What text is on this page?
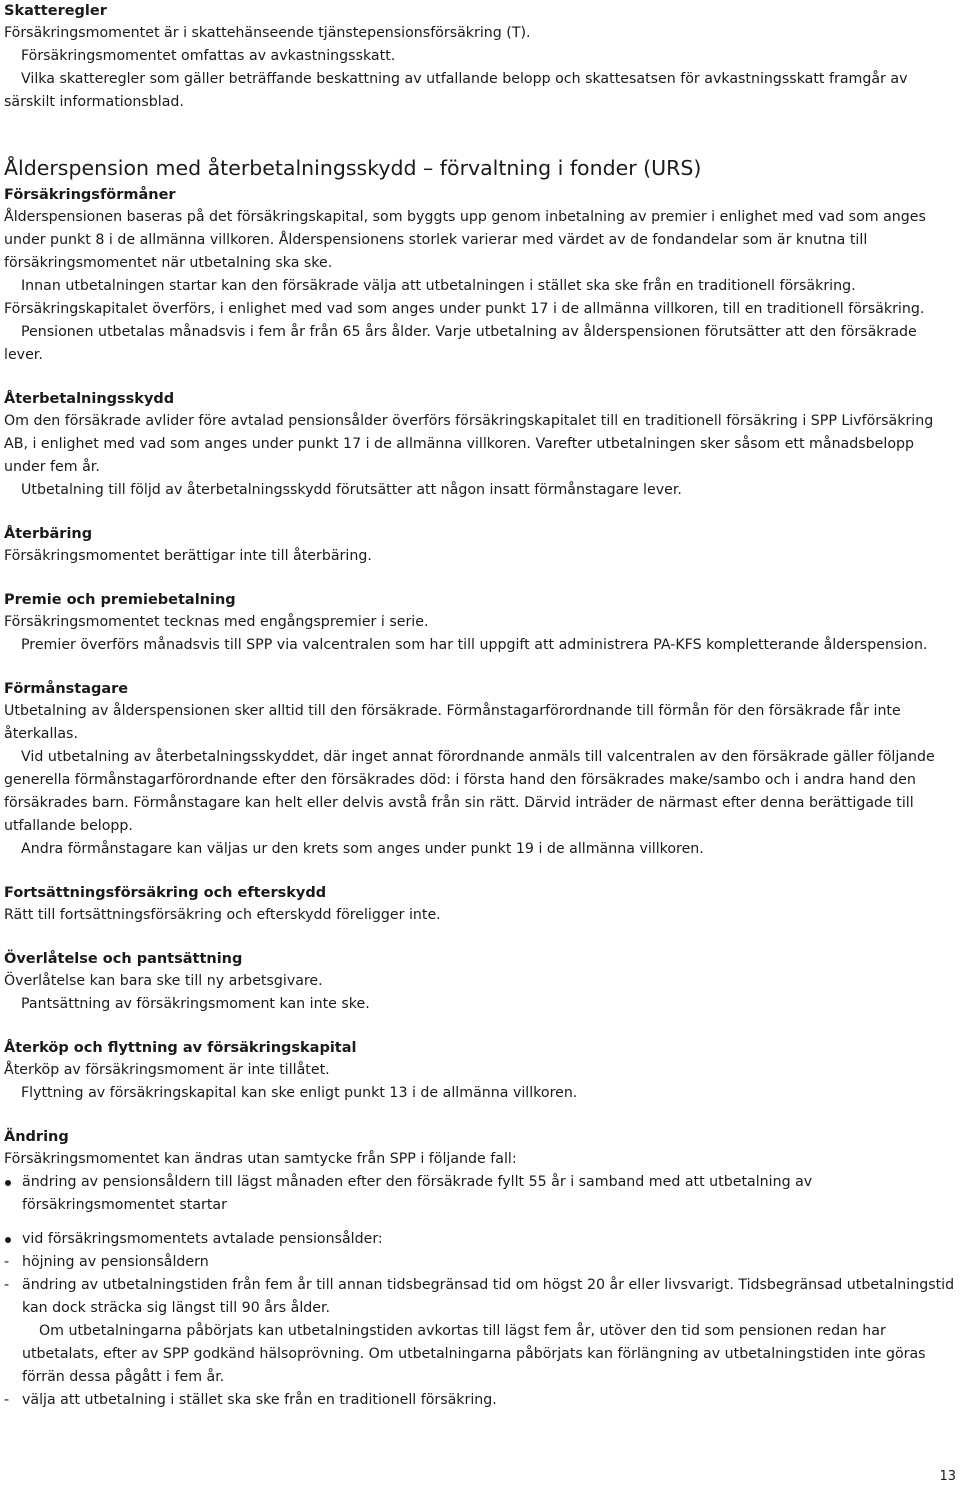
Skatteregler

Försäkringsmomentet är i skattehänseende tjänstepensionsförsäkring (T).

Försäkringsmomentet omfattas av avkastningsskatt.

Vilka skatteregler som gäller beträffande beskattning av utfallande belopp och skattesatsen för avkastningsskatt framgår av särskilt informationsblad.

Ålderspension med återbetalningsskydd – förvaltning i fonder (URS)
Försäkringsförmåner

Ålderspensionen baseras på det försäkringskapital, som byggts upp genom inbetalning av premier i enlighet med vad som anges under punkt 8 i de allmänna villkoren. Ålderspensionens storlek varierar med värdet av de fondandelar som är knutna till försäkringsmomentet när utbetalning ska ske.

Innan utbetalningen startar kan den försäkrade välja att utbetalningen i stället ska ske från en traditionell försäkring. Försäkringskapitalet överförs, i enlighet med vad som anges under punkt 17 i de allmänna villkoren, till en traditionell försäkring.

Pensionen utbetalas månadsvis i fem år från 65 års ålder. Varje utbetalning av ålderspensionen förutsätter att den försäkrade lever.

Återbetalningsskydd

Om den försäkrade avlider före avtalad pensionsålder överförs försäkringskapitalet till en traditionell försäkring i SPP Livförsäkring AB, i enlighet med vad som anges under punkt 17 i de allmänna villkoren. Varefter utbetalningen sker såsom ett månadsbelopp under fem år.

Utbetalning till följd av återbetalningsskydd förutsätter att någon insatt förmånstagare lever.

Återbäring

Försäkringsmomentet berättigar inte till återbäring.

Premie och premiebetalning

Försäkringsmomentet tecknas med engångspremier i serie.

Premier överförs månadsvis till SPP via valcentralen som har till uppgift att administrera PA-KFS kompletterande ålderspension.

Förmånstagare

Utbetalning av ålderspensionen sker alltid till den försäkrade. Förmånstagarförordnande till förmån för den försäkrade får inte återkallas.

Vid utbetalning av återbetalningsskyddet, där inget annat förordnande anmäls till valcentralen av den försäkrade gäller följande generella förmånstagarförordnande efter den försäkrades död: i första hand den försäkrades make/sambo och i andra hand den försäkrades barn. Förmånstagare kan helt eller delvis avstå från sin rätt. Därvid inträder de närmast efter denna berättigade till utfallande belopp.

Andra förmånstagare kan väljas ur den krets som anges under punkt 19 i de allmänna villkoren.

Fortsättningsförsäkring och efterskydd

Rätt till fortsättningsförsäkring och efterskydd föreligger inte.

Överlåtelse och pantsättning

Överlåtelse kan bara ske till ny arbetsgivare.

Pantsättning av försäkringsmoment kan inte ske.

Återköp och flyttning av försäkringskapital

Återköp av försäkringsmoment är inte tillåtet.

Flyttning av försäkringskapital kan ske enligt punkt 13 i de allmänna villkoren.

Ändring

Försäkringsmomentet kan ändras utan samtycke från SPP i följande fall:

ändring av pensionsåldern till lägst månaden efter den försäkrade fyllt 55 år i samband med att utbetalning av försäkringsmomentet startar
vid försäkringsmomentets avtalade pensionsålder:
- höjning av pensionsåldern
- ändring av utbetalningstiden från fem år till annan tidsbegränsad tid om högst 20 år eller livsvarigt. Tidsbegränsad utbetalningstid kan dock sträcka sig längst till 90 års ålder.

Om utbetalningarna påbörjats kan utbetalningstiden avkortas till lägst fem år, utöver den tid som pensionen redan har utbetalats, efter av SPP godkänd hälsoprövning. Om utbetalningarna påbörjats kan förlängning av utbetalningstiden inte göras förrän dessa pågått i fem år.

- välja att utbetalning i stället ska ske från en traditionell försäkring.
13
